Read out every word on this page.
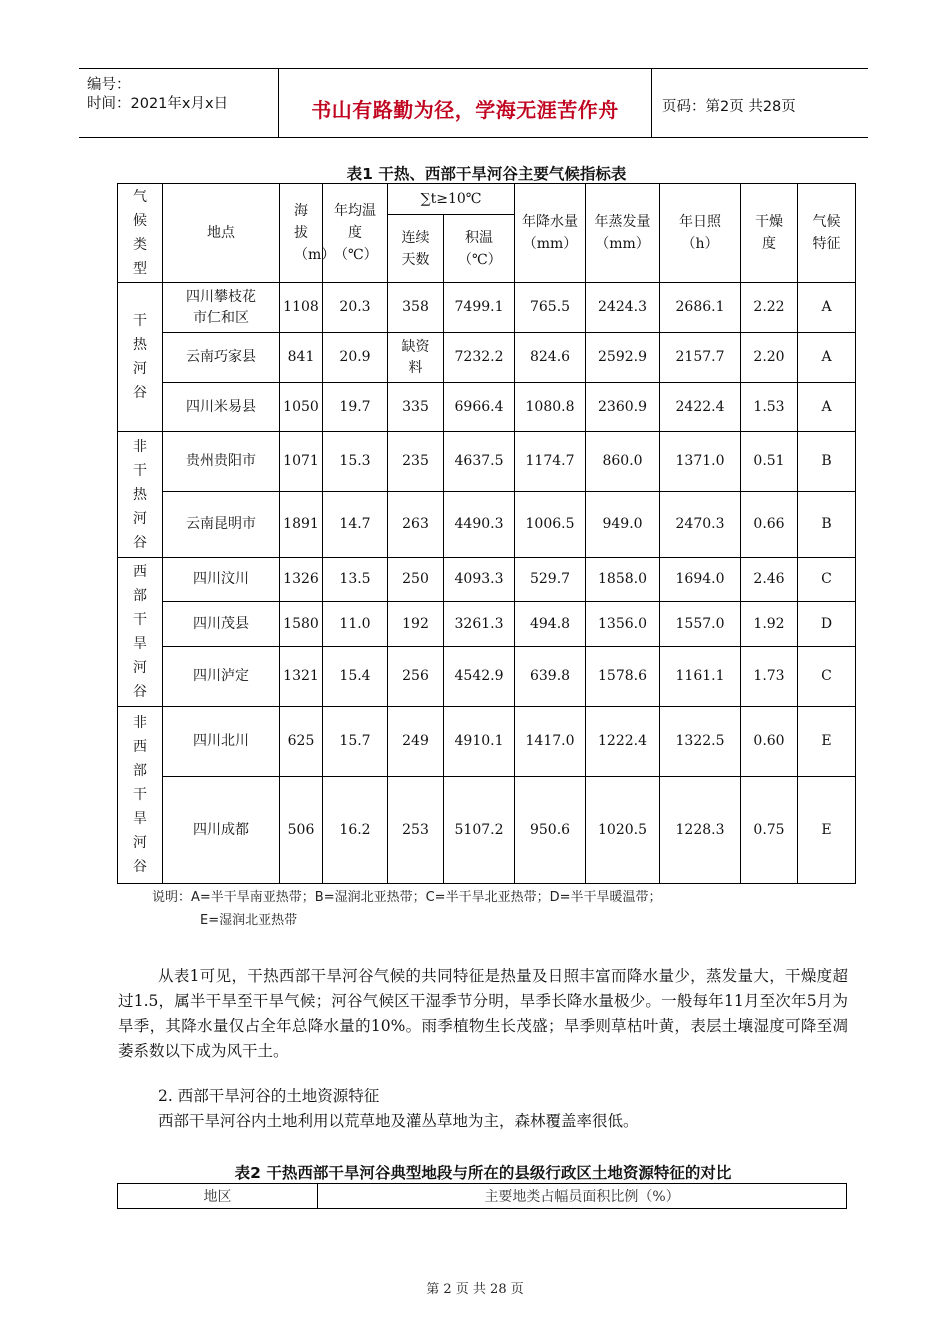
编号：
时间：2021年x月x日	书山有路勤为径，学海无涯苦作舟	页码：第2页 共28页
表1 干热、西部干旱河谷主要气候指标表
气候类型	地点	海拔（m）	年均温度（℃）	∑t≥10℃		年降水量（mm）	年蒸发量（mm）	年日照（h）	干燥度	气候特征

				连续天数	积温（℃）					

干热河谷	四川攀枝花市仁和区	1108	20.3	358	7499.1	765.5	2424.3	2686.1	2.22	A
	云南巧家县	841	20.9	缺资料	7232.2	824.6	2592.9	2157.7	2.20	A
	四川米易县	1050	19.7	335	6966.4	1080.8	2360.9	2422.4	1.53	A

非干热河谷	贵州贵阳市	1071	15.3	235	4637.5	1174.7	860.0	1371.0	0.51	B
	云南昆明市	1891	14.7	263	4490.3	1006.5	949.0	2470.3	0.66	B

西部干旱河谷	四川汶川	1326	13.5	250	4093.3	529.7	1858.0	1694.0	2.46	C
	四川茂县	1580	11.0	192	3261.3	494.8	1356.0	1557.0	1.92	D
	四川泸定	1321	15.4	256	4542.9	639.8	1578.6	1161.1	1.73	C

非西部干旱河谷	四川北川	625	15.7	249	4910.1	1417.0	1222.4	1322.5	0.60	E
	四川成都	506	16.2	253	5107.2	950.6	1020.5	1228.3	0.75	E
说明：A=半干旱南亚热带；B=湿润北亚热带；C=半干旱北亚热带；D=半干旱暖温带；
E=湿润北亚热带
从表1可见，干热西部干旱河谷气候的共同特征是热量及日照丰富而降水量少，蒸发量大，干燥度超过1.5，属半干旱至干旱气候；河谷气候区干湿季节分明，旱季长降水量极少。一般每年11月至次年5月为旱季，其降水量仅占全年总降水量的10%。雨季植物生长茂盛；旱季则草枯叶黄，表层土壤湿度可降至凋萎系数以下成为风干土。
2. 西部干旱河谷的土地资源特征
西部干旱河谷内土地利用以荒草地及灌丛草地为主，森林覆盖率很低。
表2 干热西部干旱河谷典型地段与所在的县级行政区土地资源特征的对比
地区	主要地类占幅员面积比例（%）
第 2 页 共 28 页
